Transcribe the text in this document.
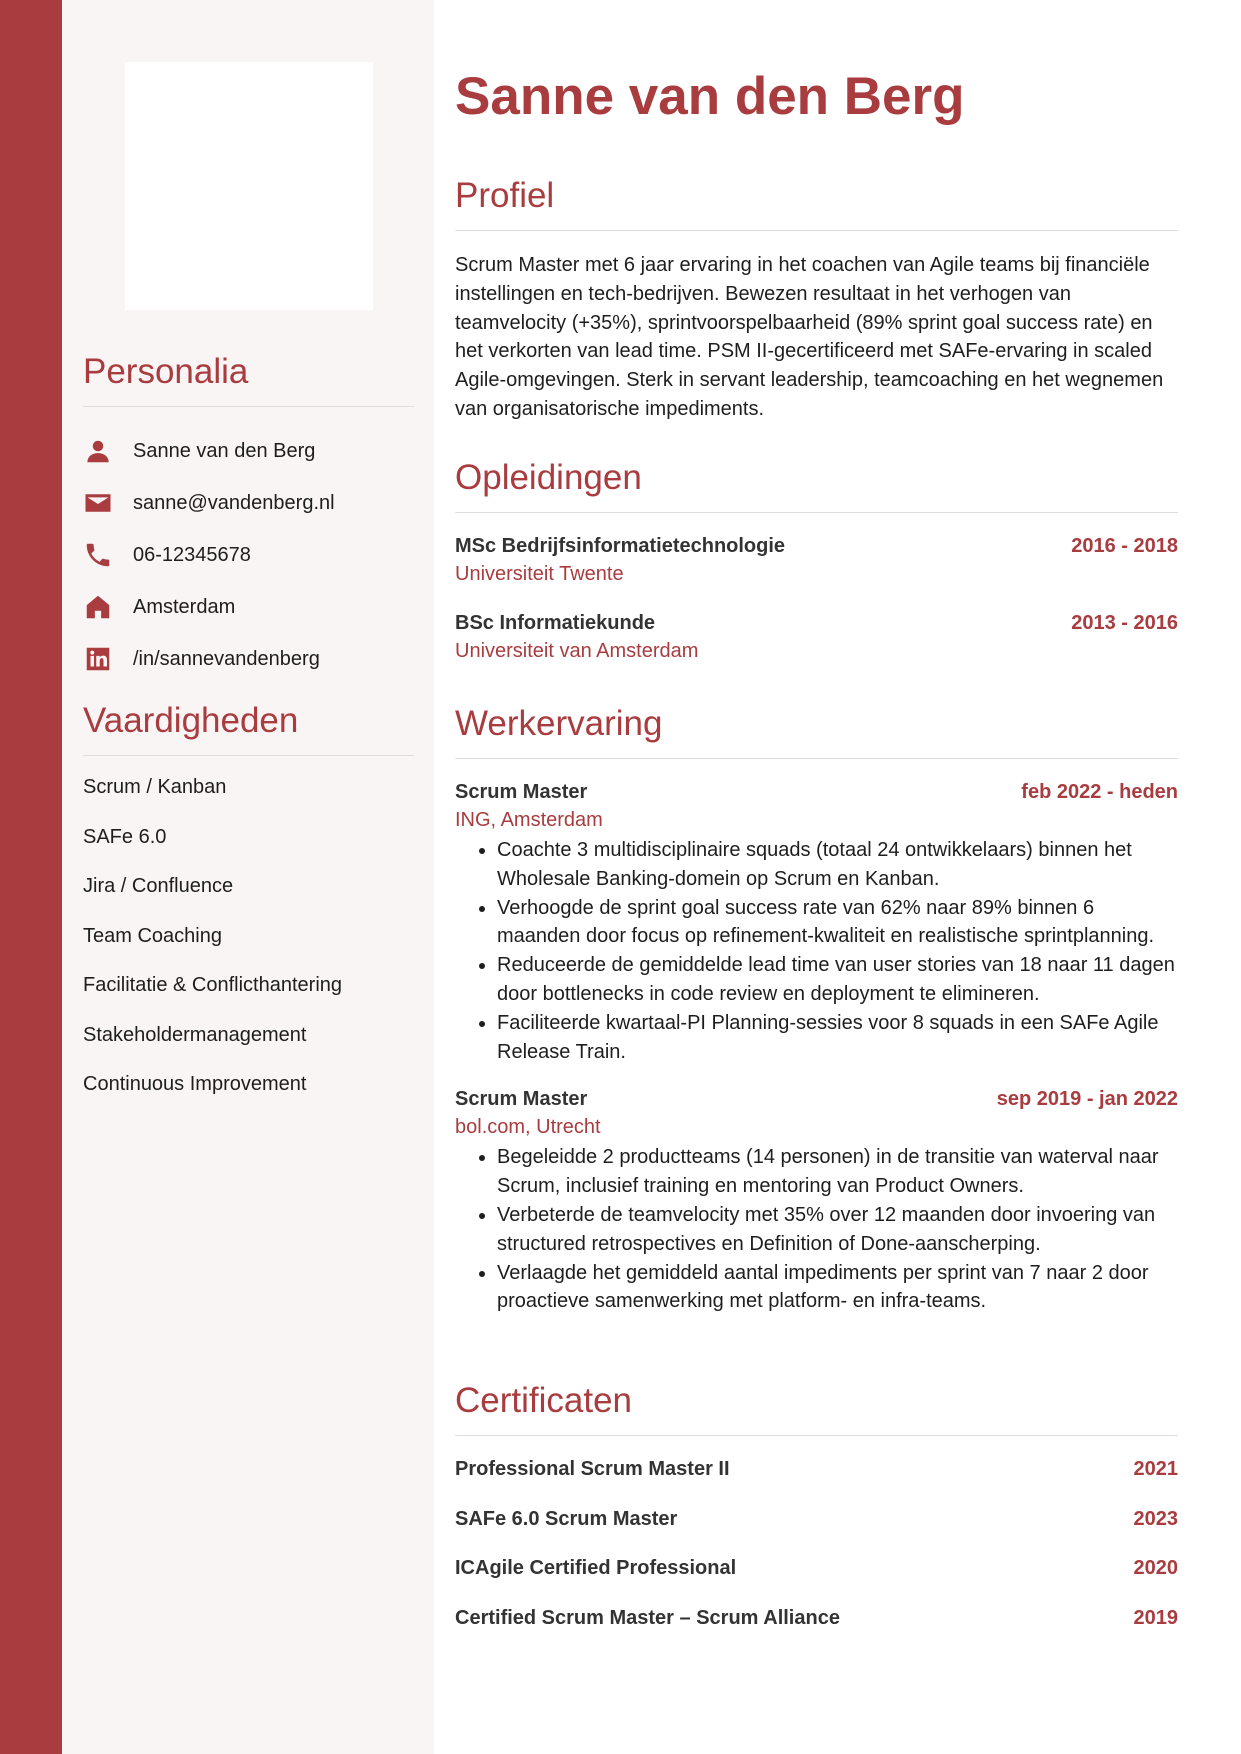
Personalia
Sanne van den Berg
sanne@vandenberg.nl
06-12345678
Amsterdam
/in/sannevandenberg
Vaardigheden
Scrum / Kanban
SAFe 6.0
Jira / Confluence
Team Coaching
Facilitatie & Conflicthantering
Stakeholdermanagement
Continuous Improvement
Sanne van den Berg
Profiel

Scrum Master met 6 jaar ervaring in het coachen van Agile teams bij financiële instellingen en tech-bedrijven. Bewezen resultaat in het verhogen van teamvelocity (+35%), sprintvoorspelbaarheid (89% sprint goal success rate) en het verkorten van lead time. PSM II-gecertificeerd met SAFe-ervaring in scaled Agile-omgevingen. Sterk in servant leadership, teamcoaching en het wegnemen van organisatorische impediments.

Opleidingen
MSc Bedrijfsinformatietechnologie	2016 - 2018
Universiteit Twente
BSc Informatiekunde	2013 - 2016
Universiteit van Amsterdam
Werkervaring
Scrum Master	feb 2022 - heden
ING, Amsterdam
• Coachte 3 multidisciplinaire squads (totaal 24 ontwikkelaars) binnen het Wholesale Banking-domein op Scrum en Kanban.
• Verhoogde de sprint goal success rate van 62% naar 89% binnen 6 maanden door focus op refinement-kwaliteit en realistische sprintplanning.
• Reduceerde de gemiddelde lead time van user stories van 18 naar 11 dagen door bottlenecks in code review en deployment te elimineren.
• Faciliteerde kwartaal-PI Planning-sessies voor 8 squads in een SAFe Agile Release Train.
Scrum Master	sep 2019 - jan 2022
bol.com, Utrecht
• Begeleidde 2 productteams (14 personen) in de transitie van waterval naar Scrum, inclusief training en mentoring van Product Owners.
• Verbeterde de teamvelocity met 35% over 12 maanden door invoering van structured retrospectives en Definition of Done-aanscherping.
• Verlaagde het gemiddeld aantal impediments per sprint van 7 naar 2 door proactieve samenwerking met platform- en infra-teams.
Certificaten
Professional Scrum Master II	2021
SAFe 6.0 Scrum Master	2023
ICAgile Certified Professional	2020
Certified Scrum Master – Scrum Alliance	2019
